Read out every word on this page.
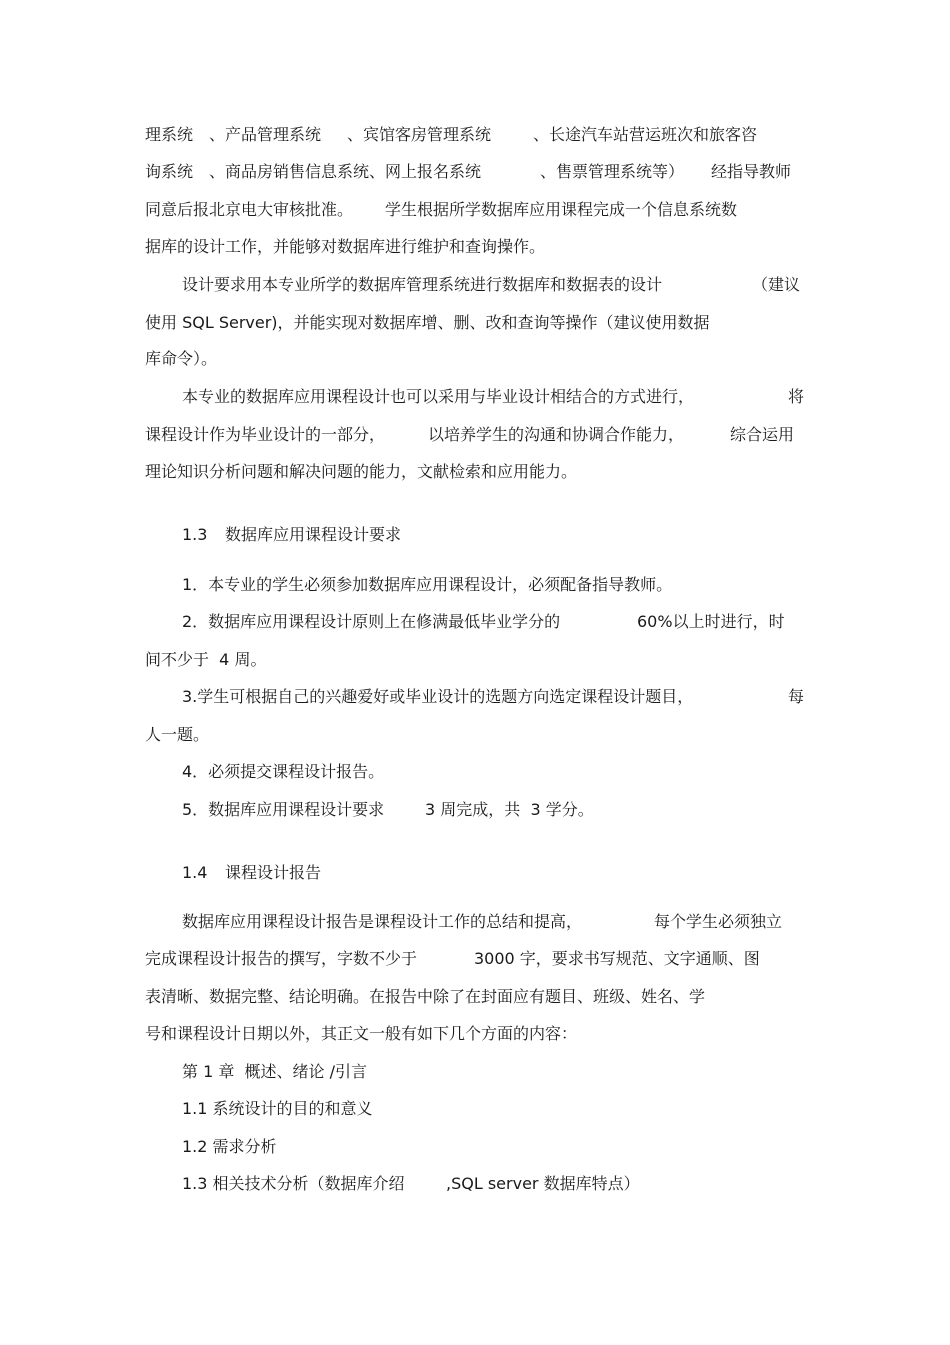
理系统

、产品管理系统

、宾馆客房管理系统

	、长途汽车站营运班次和旅客咨

询系统

、商品房销售信息系统、网上报名系统

	、售票管理系统等）

经指导教师

同意后报北京电大审核批准。

学生根据所学数据库应用课程完成一个信息系统数

据库的设计工作，并能够对数据库进行维护和查询操作。

设计要求用本专业所学的数据库管理系统进行数据库和数据表的设计

	（建议

使用 SQL Server)，并能实现对数据库增、删、改和查询等操作（建议使用数据

库命令）。

本专业的数据库应用课程设计也可以采用与毕业设计相结合的方式进行，

	将

课程设计作为毕业设计的一部分，

	以培养学生的沟通和协调合作能力，

	综合运用

理论知识分析问题和解决问题的能力，文献检索和应用能力。

1.3

数据库应用课程设计要求

1．本专业的学生必须参加数据库应用课程设计，必须配备指导教师。

2．数据库应用课程设计原则上在修满最低毕业学分的

	60%以上时进行，时

间不少于  4 周。

3.学生可根据自己的兴趣爱好或毕业设计的选题方向选定课程设计题目，

	每

人一题。

4．必须提交课程设计报告。

5．数据库应用课程设计要求

	3 周完成，共  3 学分。

1.4

课程设计报告

数据库应用课程设计报告是课程设计工作的总结和提高，

	每个学生必须独立

完成课程设计报告的撰写，字数不少于

	3000 字，要求书写规范、文字通顺、图

表清晰、数据完整、结论明确。在报告中除了在封面应有题目、班级、姓名、学

号和课程设计日期以外，其正文一般有如下几个方面的内容：

第 1 章  概述、绪论 /引言

1.1 系统设计的目的和意义

1.2 需求分析

1.3 相关技术分析（数据库介绍

	,SQL server 数据库特点）
